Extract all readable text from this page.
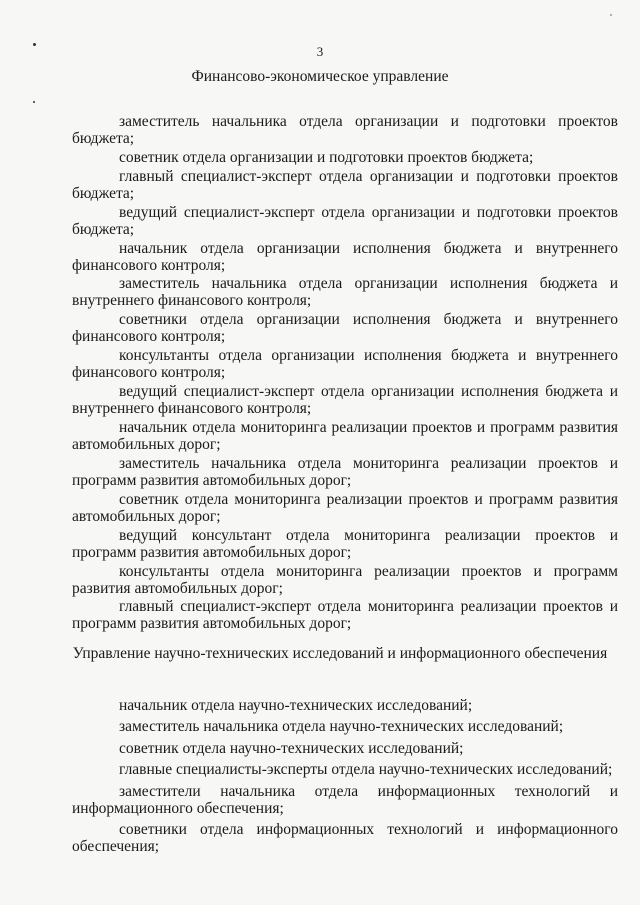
3
Финансово-экономическое управление
заместитель начальника отдела организации и подготовки проектов бюджета;
советник отдела организации и подготовки проектов бюджета;
главный специалист-эксперт отдела организации и подготовки проектов бюджета;
ведущий специалист-эксперт отдела организации и подготовки проектов бюджета;
начальник отдела организации исполнения бюджета и внутреннего финансового контроля;
заместитель начальника отдела организации исполнения бюджета и внутреннего финансового контроля;
советники отдела организации исполнения бюджета и внутреннего финансового контроля;
консультанты отдела организации исполнения бюджета и внутреннего финансового контроля;
ведущий специалист-эксперт отдела организации исполнения бюджета и внутреннего финансового контроля;
начальник отдела мониторинга реализации проектов и программ развития автомобильных дорог;
заместитель начальника отдела мониторинга реализации проектов и программ развития автомобильных дорог;
советник отдела мониторинга реализации проектов и программ развития автомобильных дорог;
ведущий консультант отдела мониторинга реализации проектов и программ развития автомобильных дорог;
консультанты отдела мониторинга реализации проектов и программ развития автомобильных дорог;
главный специалист-эксперт отдела мониторинга реализации проектов и программ развития автомобильных дорог;
Управление научно-технических исследований и информационного обеспечения
начальник отдела научно-технических исследований;
заместитель начальника отдела научно-технических исследований;
советник отдела научно-технических исследований;
главные специалисты-эксперты отдела научно-технических исследований;
заместители начальника отдела информационных технологий и информационного обеспечения;
советники отдела информационных технологий и информационного обеспечения;
